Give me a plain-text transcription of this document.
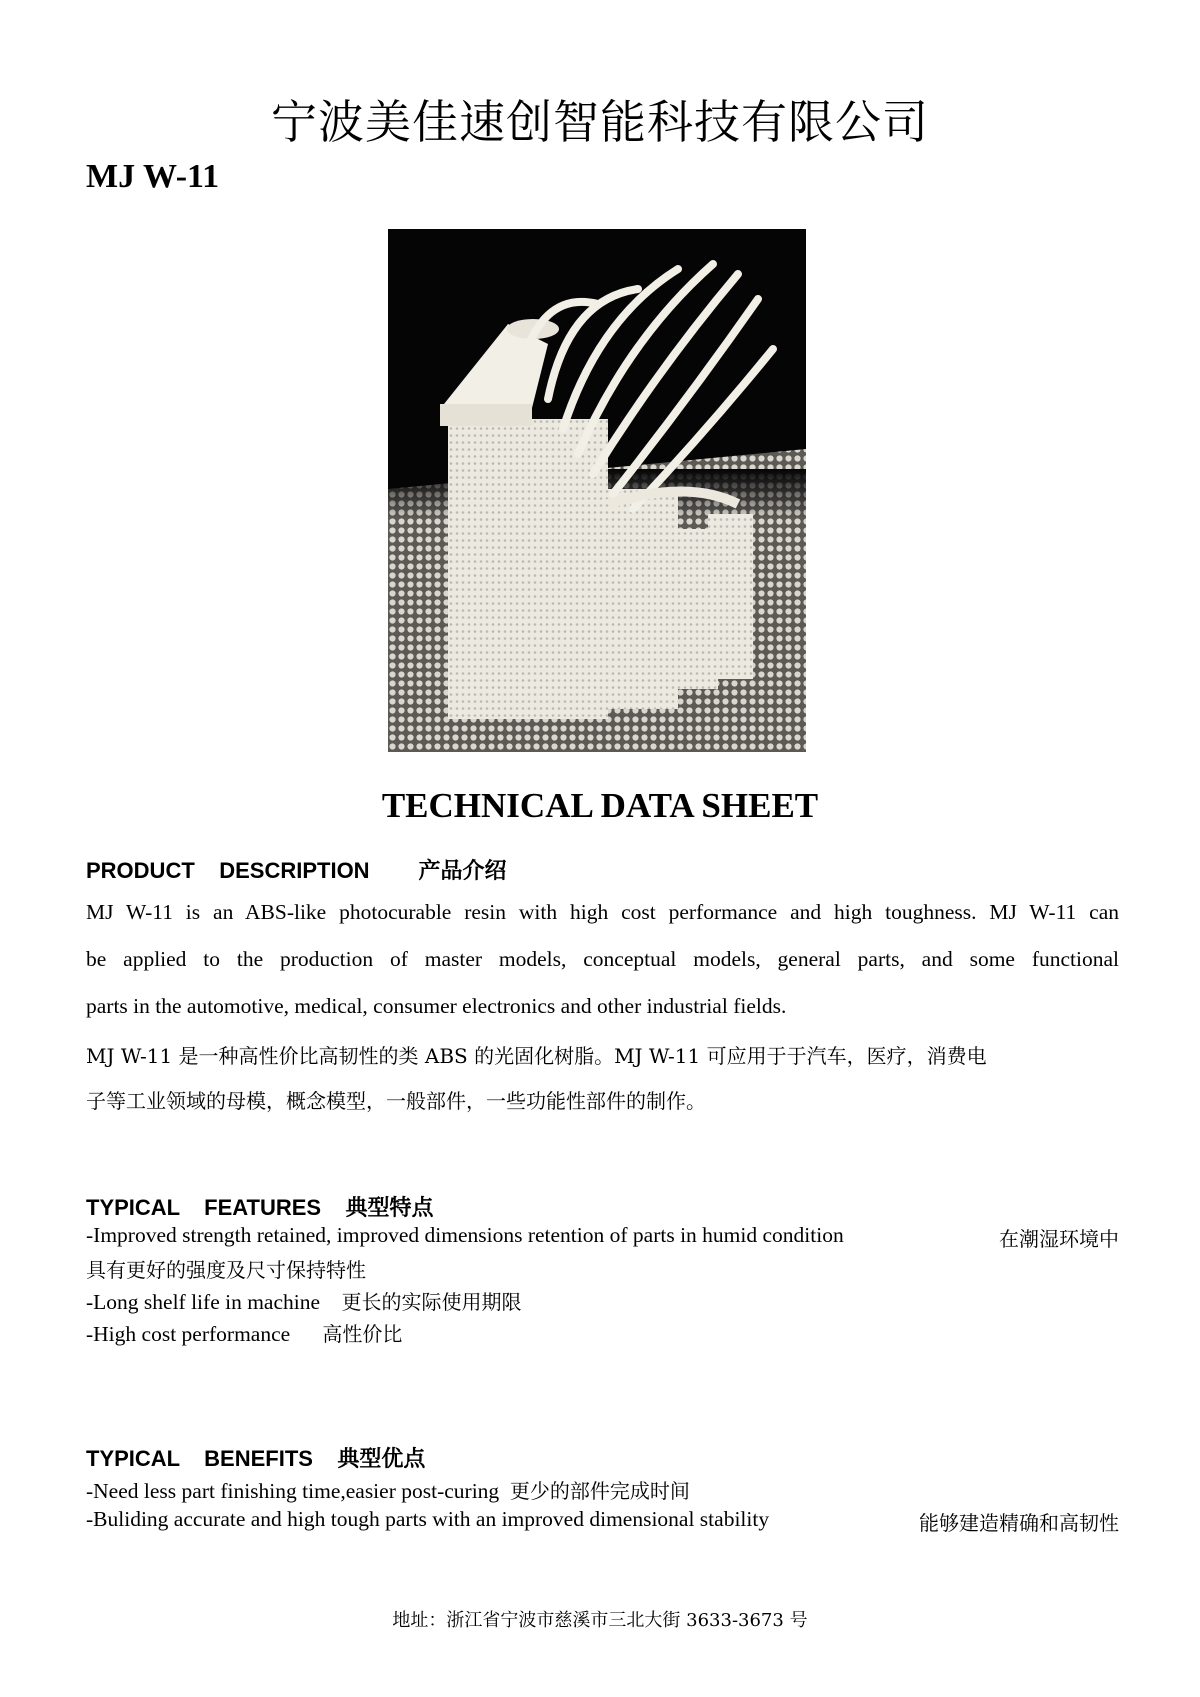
宁波美佳速创智能科技有限公司
MJ W-11
TECHNICAL DATA SHEET
PRODUCT    DESCRIPTION 产品介绍
MJ W-11 is an ABS-like photocurable resin with high cost performance and high toughness. MJ W-11 can
be applied to the production of master models, conceptual models, general parts, and some functional
parts in the automotive, medical, consumer electronics and other industrial fields.
MJ W-11 是一种高性价比高韧性的类 ABS 的光固化树脂。MJ W-11 可应用于于汽车，医疗，消费电
子等工业领域的母模，概念模型，一般部件，一些功能性部件的制作。
TYPICAL    FEATURES 典型特点
-Improved strength retained, improved dimensions retention of parts in humid condition	在潮湿环境中
具有更好的强度及尺寸保持特性
-Long shelf life in machine 更长的实际使用期限
-High cost performance 高性价比
TYPICAL    BENEFITS 典型优点
-Need less part finishing time,easier post-curing 更少的部件完成时间
-Buliding accurate and high tough parts with an improved dimensional stability	能够建造精确和高韧性
地址：浙江省宁波市慈溪市三北大街 3633-3673 号
